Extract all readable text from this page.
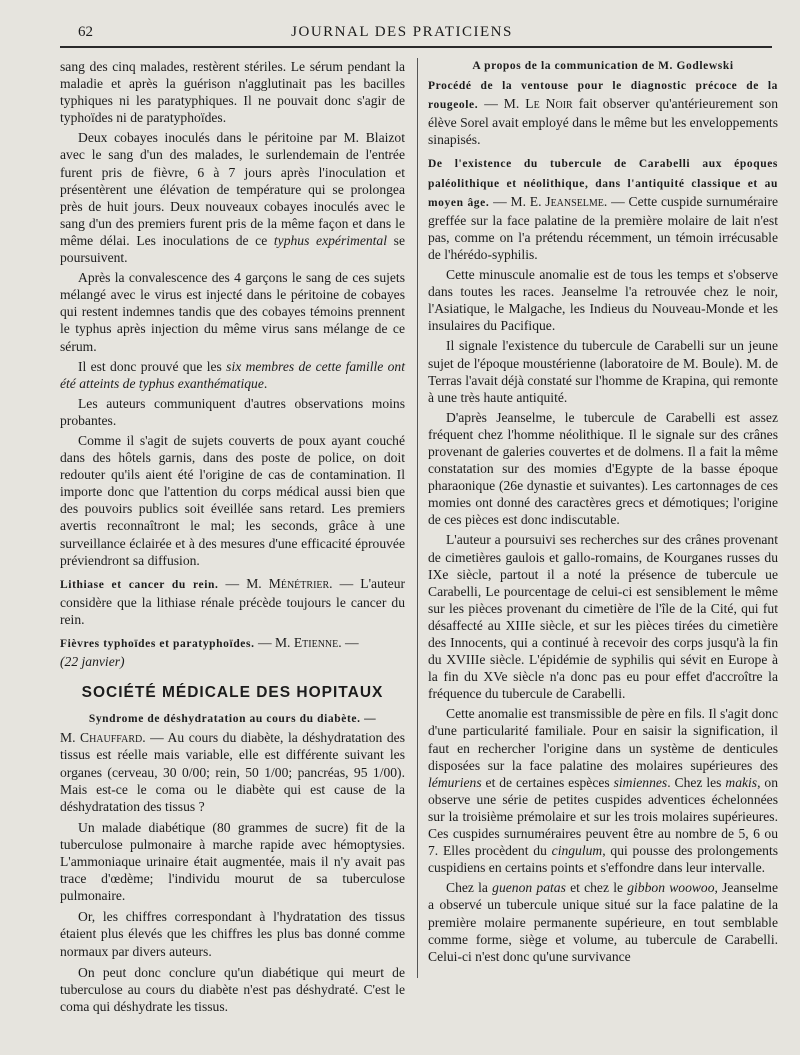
62	JOURNAL DES PRATICIENS

sang des cinq malades, restèrent stériles. Le sérum pendant la maladie et après la guérison n'agglutinait pas les bacilles typhiques ni les paratyphiques. Il ne pouvait donc s'agir de typhoïdes ni de paratyphoïdes.

Deux cobayes inoculés dans le péritoine par M. Blaizot avec le sang d'un des malades, le surlendemain de l'entrée furent pris de fièvre, 6 à 7 jours après l'inoculation et présentèrent une élévation de température qui se prolongea près de huit jours. Deux nouveaux cobayes inoculés avec le sang d'un des premiers furent pris de la même façon et dans le même délai. Les inoculations de ce typhus expérimental se poursuivent.

Après la convalescence des 4 garçons le sang de ces sujets mélangé avec le virus est injecté dans le péritoine de cobayes qui restent indemnes tandis que des cobayes témoins prennent le typhus après injection du même virus sans mélange de ce sérum.

Il est donc prouvé que les six membres de cette famille ont été atteints de typhus exanthématique.

Les auteurs communiquent d'autres observations moins probantes.

Comme il s'agit de sujets couverts de poux ayant couché dans des hôtels garnis, dans des poste de police, on doit redouter qu'ils aient été l'origine de cas de contamination. Il importe donc que l'attention du corps médical aussi bien que des pouvoirs publics soit éveillée sans retard. Les premiers avertis reconnaîtront le mal; les seconds, grâce à une surveillance éclairée et à des mesures d'une efficacité éprouvée préviendront sa diffusion.

Lithiase et cancer du rein. — M. Ménétrier. — L'auteur considère que la lithiase rénale précède toujours le cancer du rein.

Fièvres typhoïdes et paratyphoïdes. — M. Etienne. —
(22 janvier)

SOCIÉTÉ MÉDICALE DES HOPITAUX

Syndrome de déshydratation au cours du diabète. —
M. Chauffard. — Au cours du diabète, la déshydratation des tissus est réelle mais variable, elle est différente suivant les organes (cerveau, 30 0/00; rein, 50 1/00; pancréas, 95 1/00). Mais est-ce le coma ou le diabète qui est cause de la déshydratation des tissus ?

Un malade diabétique (80 grammes de sucre) fit de la tuberculose pulmonaire à marche rapide avec hémoptysies. L'ammoniaque urinaire était augmentée, mais il n'y avait pas trace d'œdème; l'individu mourut de sa tuberculose pulmonaire.

Or, les chiffres correspondant à l'hydratation des tissus étaient plus élevés que les chiffres les plus bas donné comme normaux par divers auteurs.

On peut donc conclure qu'un diabétique qui meurt de tuberculose au cours du diabète n'est pas déshydraté. C'est le coma qui déshydrate les tissus.

A propos de la communication de M. Godlewski
Procédé de la ventouse pour le diagnostic précoce de la rougeole. — M. Le Noir fait observer qu'antérieurement son élève Sorel avait employé dans le même but les enveloppements sinapisés.

De l'existence du tubercule de Carabelli aux époques paléolithique et néolithique, dans l'antiquité classique et au moyen âge. — M. E. Jeanselme. — Cette cuspide surnuméraire greffée sur la face palatine de la première molaire de lait n'est pas, comme on l'a prétendu récemment, un témoin irrécusable de l'hérédo-syphilis.

Cette minuscule anomalie est de tous les temps et s'observe dans toutes les races. Jeanselme l'a retrouvée chez le noir, l'Asiatique, le Malgache, les Indieus du Nouveau-Monde et les insulaires du Pacifique.

Il signale l'existence du tubercule de Carabelli sur un jeune sujet de l'époque moustérienne (laboratoire de M. Boule). M. de Terras l'avait déjà constaté sur l'homme de Krapina, qui remonte à une très haute antiquité.

D'après Jeanselme, le tubercule de Carabelli est assez fréquent chez l'homme néolithique. Il le signale sur des crânes provenant de galeries couvertes et de dolmens. Il a fait la même constatation sur des momies d'Egypte de la basse époque pharaonique (26e dynastie et suivantes). Les cartonnages de ces momies ont donné des caractères grecs et démotiques; l'origine de ces pièces est donc indiscutable.

L'auteur a poursuivi ses recherches sur des crânes provenant de cimetières gaulois et gallo-romains, de Kourganes russes du IXe siècle, partout il a noté la présence de tubercule ue Carabelli, Le pourcentage de celui-ci est sensiblement le même sur les pièces provenant du cimetière de l'île de la Cité, qui fut désaffecté au XIIIe siècle, et sur les pièces tirées du cimetière des Innocents, qui a continué à recevoir des corps jusqu'à la fin du XVIIIe siècle. L'épidémie de syphilis qui sévit en Europe à la fin du XVe siècle n'a donc pas eu pour effet d'accroître la fréquence du tubercule de Carabelli.

Cette anomalie est transmissible de père en fils. Il s'agit donc d'une particularité familiale. Pour en saisir la signification, il faut en rechercher l'origine dans un système de denticules disposées sur la face palatine des molaires supérieures des lémuriens et de certaines espèces simiennes. Chez les makis, on observe une série de petites cuspides adventices échelonnées sur la troisième prémolaire et sur les trois molaires supérieures. Ces cuspides surnuméraires peuvent être au nombre de 5, 6 ou 7. Elles procèdent du cingulum, qui pousse des prolongements cuspidiens en certains points et s'effondre dans leur intervalle.

Chez la guenon patas et chez le gibbon woowoo, Jeanselme a observé un tubercule unique situé sur la face palatine de la première molaire permanente supérieure, en tout semblable comme forme, siège et volume, au tubercule de Carabelli. Celui-ci n'est donc qu'une survivance
